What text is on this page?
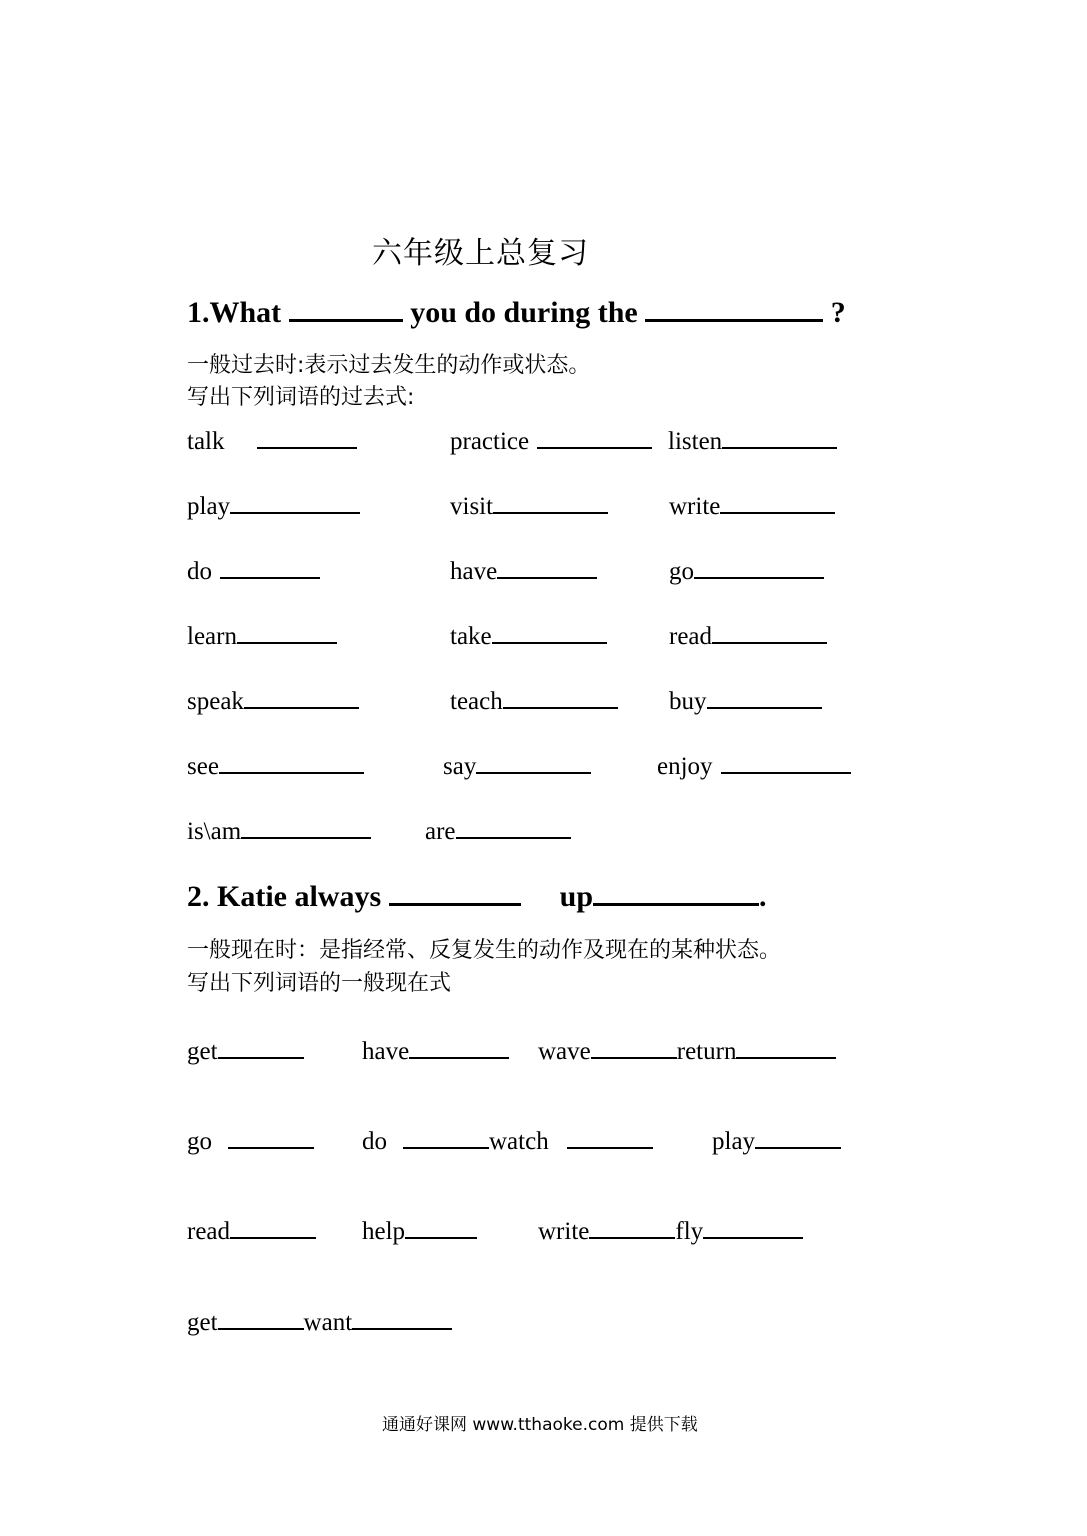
六年级上总复习
1.What	you do during the	?
一般过去时:表示过去发生的动作或状态。
写出下列词语的过去式:
talk	practice	listen
play	visit	write
do	have	go
learn	take	read
speak	teach	buy
see	say	enjoy
is\am	are
2. Katie always	up	.
一般现在时：是指经常、反复发生的动作及现在的某种状态。
写出下列词语的一般现在式
get	have	wave	return
go	do	watch	play
read	help	write	fly
get	want
通通好课网 www.tthaoke.com 提供下载
